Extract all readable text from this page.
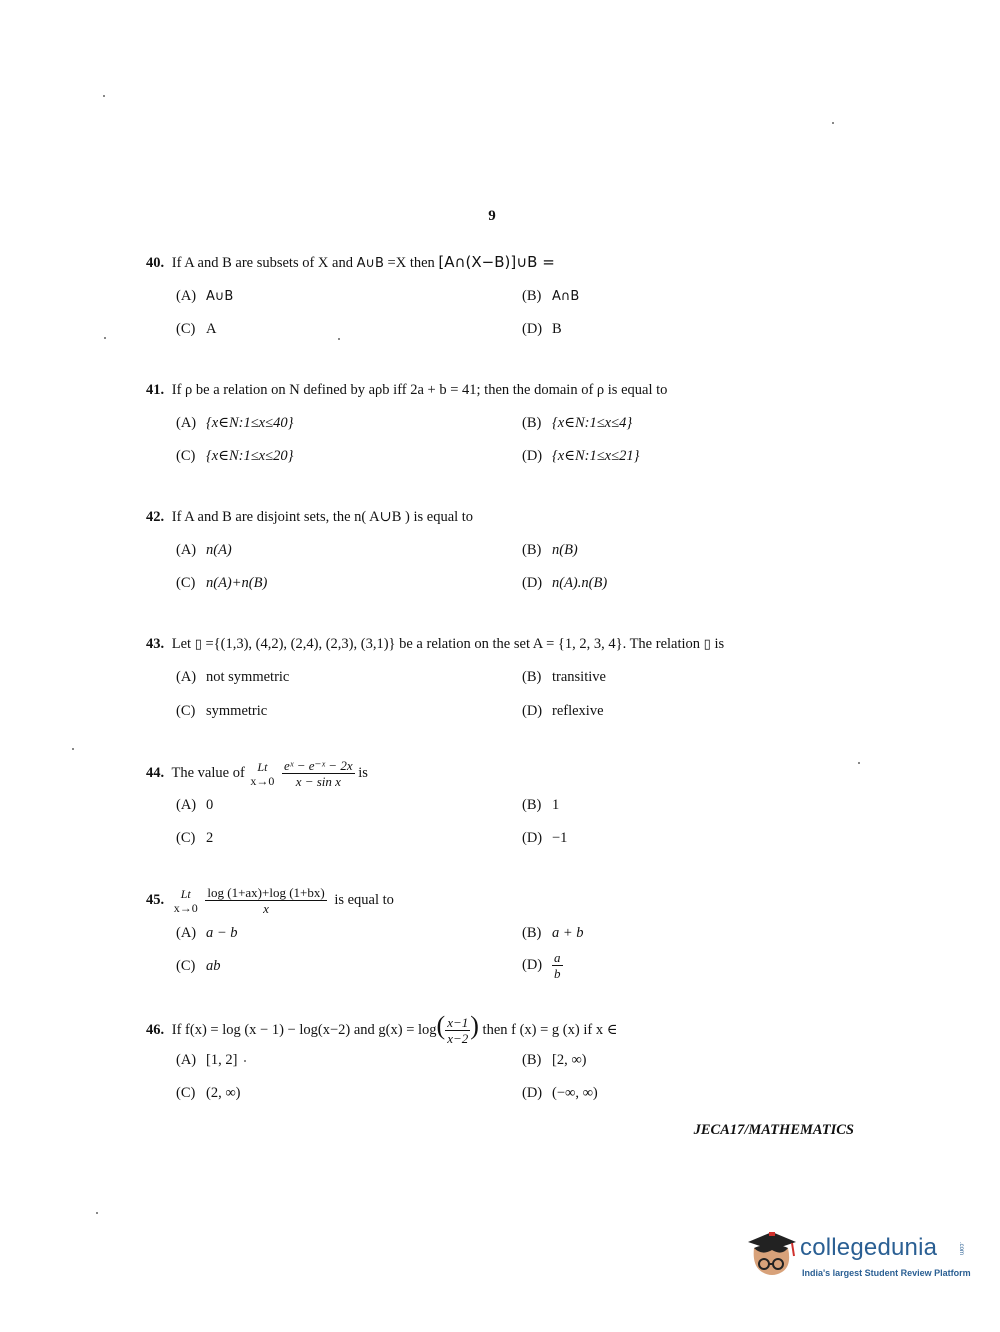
9
40. If A and B are subsets of X and A∪B =X then [A∩(X−B)]∪B =
(A) A∪B	(B) A∩B
(C) A	(D) B
41. If ρ be a relation on N defined by aρb iff 2a + b = 41; then the domain of ρ is equal to
(A) {x∈N:1≤x≤40}	(B) {x∈N:1≤x≤4}
(C) {x∈N:1≤x≤20}	(D) {x∈N:1≤x≤21}
42. If A and B are disjoint sets, the n( A∪B ) is equal to
(A) n(A)	(B) n(B)
(C) n(A)+n(B)	(D) n(A).n(B)
43. Let ▯ ={(1,3), (4,2), (2,4), (2,3), (3,1)} be a relation on the set A = {1, 2, 3, 4}. The relation ▯ is
(A) not symmetric	(B) transitive
(C) symmetric	(D) reflexive
44. The value of	Lt
x→0
$\frac{\text{eˣ − e⁻ˣ − 2x}}{\text{x − sin x}}$ is
(A) 0	(B) 1
(C) 2	(D) −1
45.	Lt
x→0
$\frac{\log (1+ax)+\log (1+bx)}{x}$ is equal to
(A) a − b	(B) a + b
(C) ab	$(D) \frac{a}{b}$
46. If f(x) = log (x − 1) − log(x−2) and $g(x) = \log( \frac{x-1}{x-2}$ ) then f (x) = g (x) if x ∈
(A) [1, 2]	(B) [2, ∞)
(C) (2, ∞)	(D) (−∞, ∞)
JECA17/MATHEMATICS
collegedunia	.com
India's largest Student Review Platform
